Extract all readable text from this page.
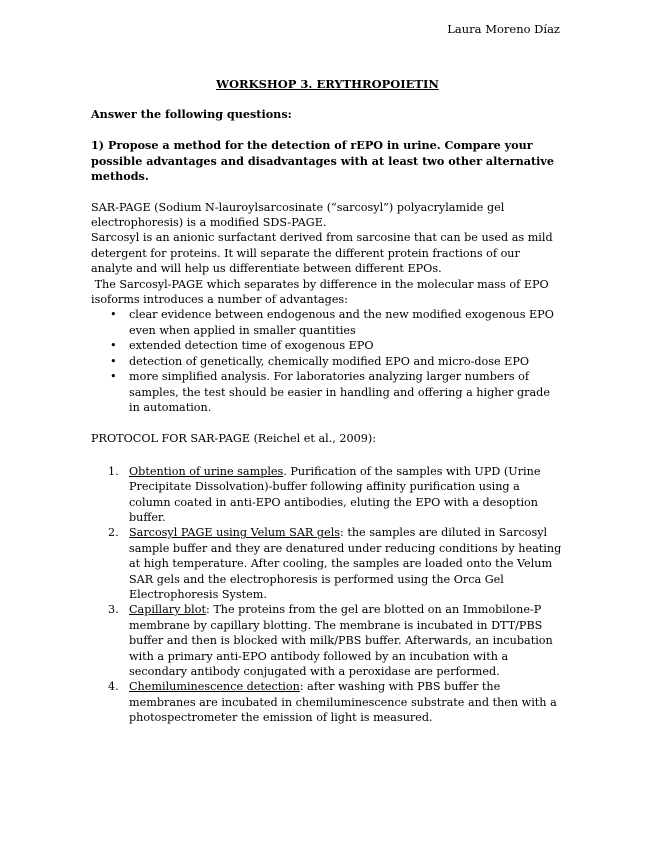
Laura Moreno Díaz
WORKSHOP 3. ERYTHROPOIETIN

Answer the following questions:

1) Propose a method for the detection of rEPO in urine. Compare your possible advantages and disadvantages with at least two other alternative methods.

SAR-PAGE (Sodium N-lauroylsarcosinate (“sarcosyl”) polyacrylamide gel electrophoresis) is a modified SDS-PAGE.

Sarcosyl is an anionic surfactant derived from sarcosine that can be used as mild detergent for proteins. It will separate the different protein fractions of our analyte and will help us differentiate between different EPOs.

The Sarcosyl-PAGE which separates by difference in the molecular mass of EPO isoforms introduces a number of advantages:

• clear evidence between endogenous and the new modified exogenous EPO even when applied in smaller quantities
• extended detection time of exogenous EPO
• detection of genetically, chemically modified EPO and micro-dose EPO
• more simplified analysis. For laboratories analyzing larger numbers of samples, the test should be easier in handling and offering a higher grade in automation.

PROTOCOL FOR SAR-PAGE (Reichel et al., 2009):

1. Obtention of urine samples. Purification of the samples with UPD (Urine Precipitate Dissolvation)-buffer following affinity purification using a column coated in anti-EPO antibodies, eluting the EPO with a desoption buffer.
2. Sarcosyl PAGE using Velum SAR gels: the samples are diluted in Sarcosyl sample buffer and they are denatured under reducing conditions by heating at high temperature. After cooling, the samples are loaded onto the Velum SAR gels and the electrophoresis is performed using the Orca Gel Electrophoresis System.
3. Capillary blot: The proteins from the gel are blotted on an Immobilone-P membrane by capillary blotting. The membrane is incubated in DTT/PBS buffer and then is blocked with milk/PBS buffer. Afterwards, an incubation with a primary anti-EPO antibody followed by an incubation with a secondary antibody conjugated with a peroxidase are performed.
4. Chemiluminescence detection: after washing with PBS buffer the membranes are incubated in chemiluminescence substrate and then with a photospectrometer the emission of light is measured.
